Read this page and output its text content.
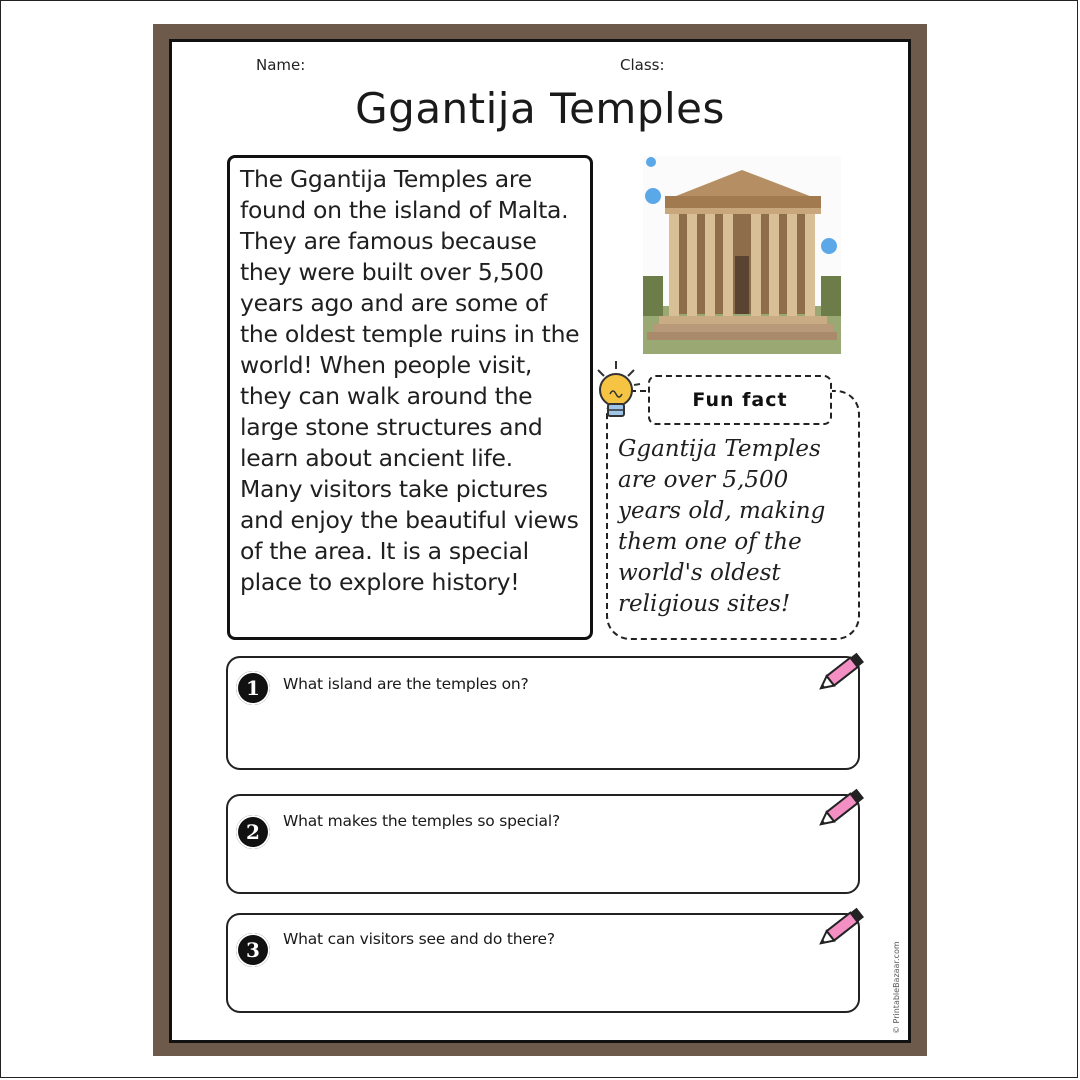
Name:	Class:
Ggantija Temples
The Ggantija Temples are
found on the island of Malta.
They are famous because
they were built over 5,500
years ago and are some of
the oldest temple ruins in the
world! When people visit,
they can walk around the
large stone structures and
learn about ancient life.
Many visitors take pictures
and enjoy the beautiful views
of the area. It is a special
place to explore history!
Fun fact
Ggantija Temples
are over 5,500
years old, making
them one of the
world's oldest
religious sites!
1	What island are the temples on?
2	What makes the temples so special?
3	What can visitors see and do there?
© PrintableBazaar.com
